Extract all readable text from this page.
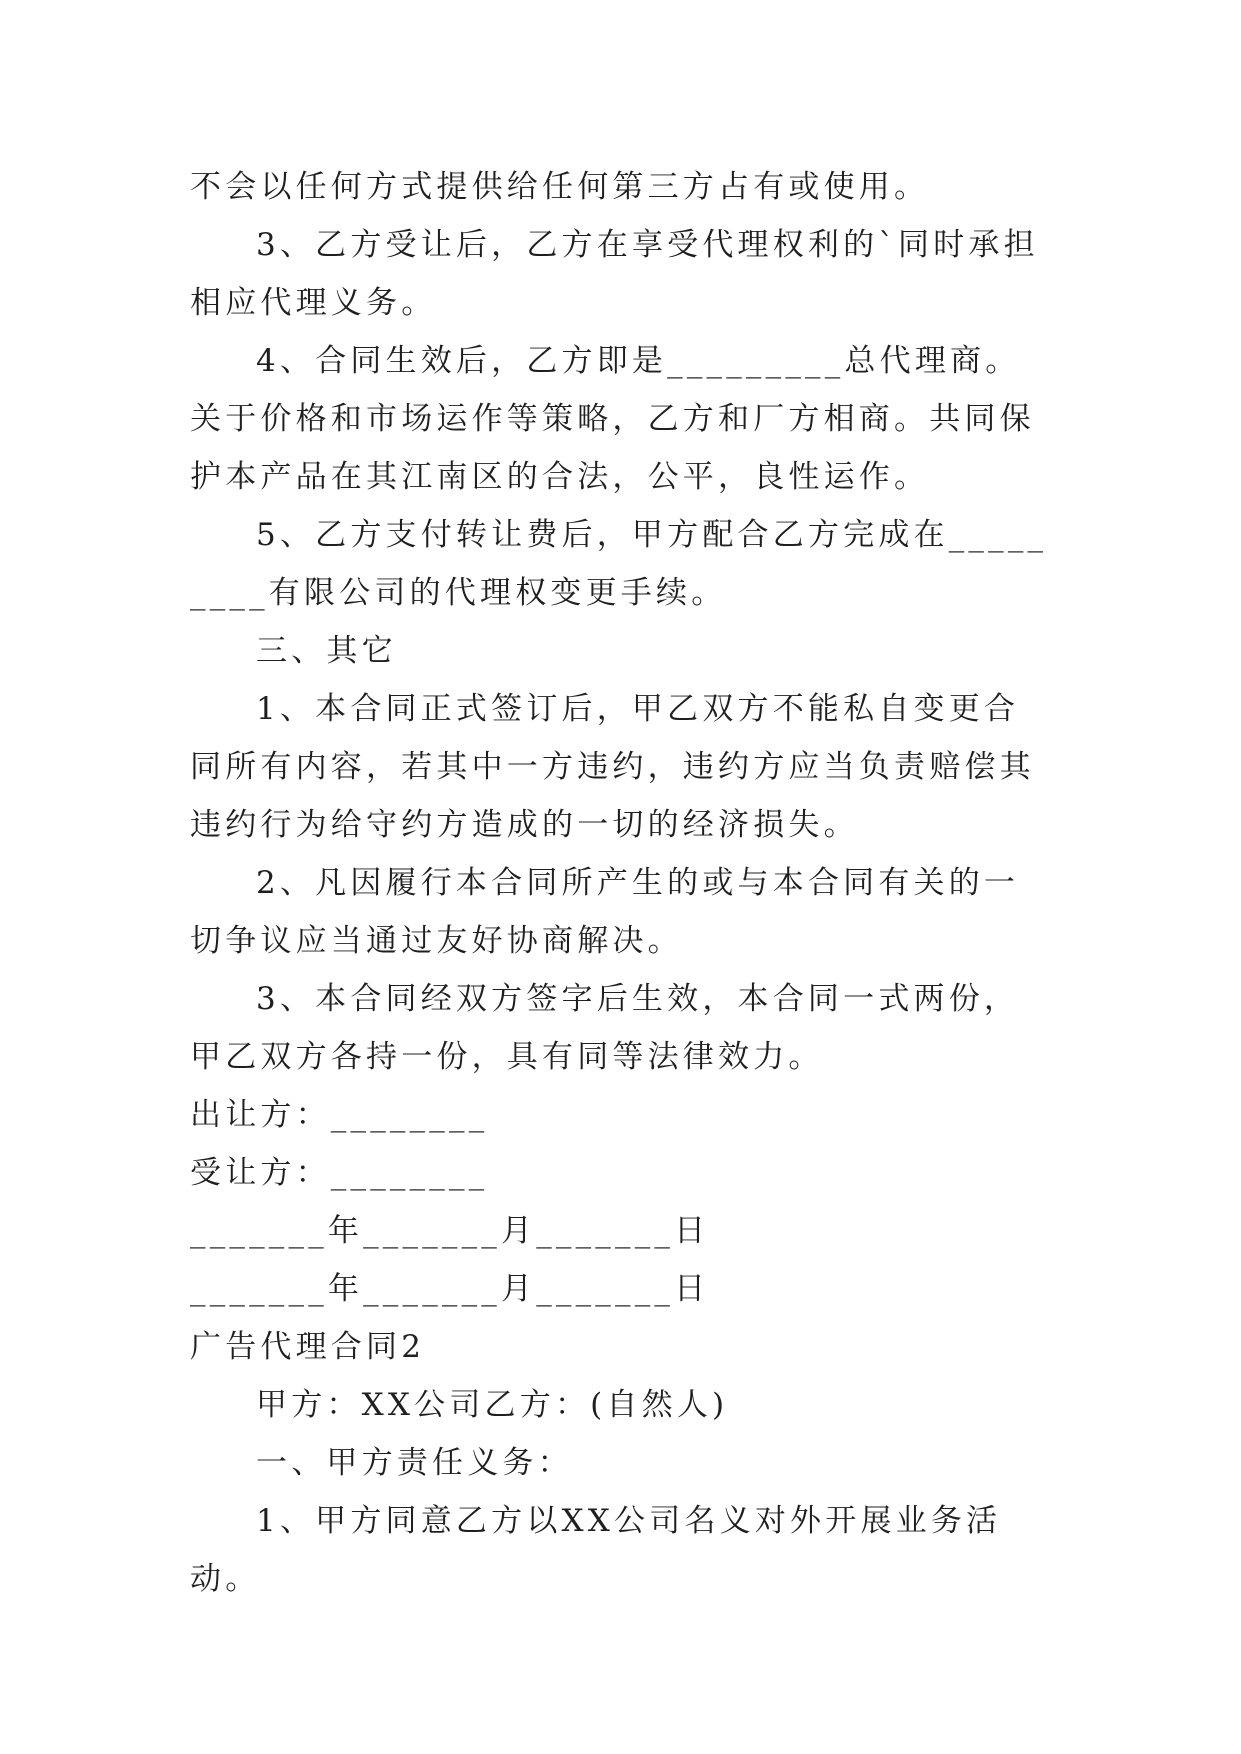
不会以任何方式提供给任何第三方占有或使用。

3、乙方受让后，乙方在享受代理权利的`同时承担相应代理义务。

4、合同生效后，乙方即是_________总代理商。关于价格和市场运作等策略，乙方和厂方相商。共同保护本产品在其江南区的合法，公平，良性运作。

5、乙方支付转让费后，甲方配合乙方完成在_________有限公司的代理权变更手续。

三、其它

1、本合同正式签订后，甲乙双方不能私自变更合同所有内容，若其中一方违约，违约方应当负责赔偿其违约行为给守约方造成的一切的经济损失。

2、凡因履行本合同所产生的或与本合同有关的一切争议应当通过友好协商解决。

3、本合同经双方签字后生效，本合同一式两份，甲乙双方各持一份，具有同等法律效力。

出让方：________

受让方：________

_______年_______月_______日

_______年_______月_______日

广告代理合同2

甲方：XX公司乙方：(自然人)

一、甲方责任义务：

1、甲方同意乙方以XX公司名义对外开展业务活动。
